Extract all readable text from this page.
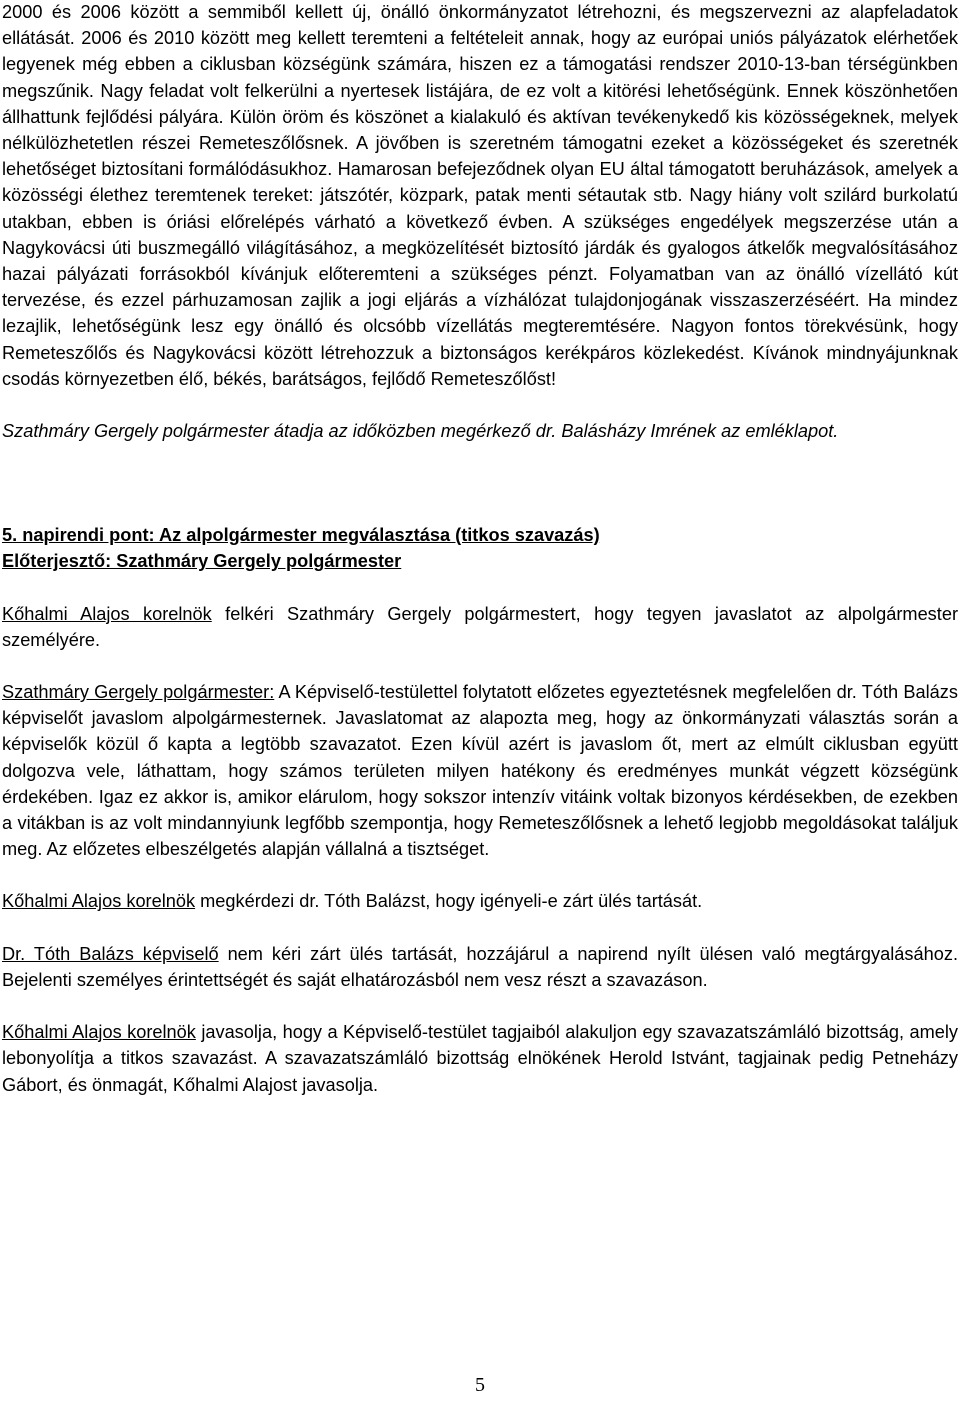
2000 és 2006 között a semmiből kellett új, önálló önkormányzatot létrehozni, és megszervezni az alapfeladatok ellátását. 2006 és 2010 között meg kellett teremteni a feltételeit annak, hogy az európai uniós pályázatok elérhetőek legyenek még ebben a ciklusban községünk számára, hiszen ez a támogatási rendszer 2010-13-ban térségünkben megszűnik. Nagy feladat volt felkerülni a nyertesek listájára, de ez volt a kitörési lehetőségünk. Ennek köszönhetően állhattunk fejlődési pályára. Külön öröm és köszönet a kialakuló és aktívan tevékenykedő kis közösségeknek, melyek nélkülözhetetlen részei Remeteszőlősnek. A jövőben is szeretném támogatni ezeket a közösségeket és szeretnék lehetőséget biztosítani formálódásukhoz. Hamarosan befejeződnek olyan EU által támogatott beruházások, amelyek a közösségi élethez teremtenek tereket: játszótér, közpark, patak menti sétautak stb. Nagy hiány volt szilárd burkolatú utakban, ebben is óriási előrelépés várható a következő évben. A szükséges engedélyek megszerzése után a Nagykovácsi úti buszmegálló világításához, a megközelítését biztosító járdák és gyalogos átkelők megvalósításához hazai pályázati forrásokból kívánjuk előteremteni a szükséges pénzt. Folyamatban van az önálló vízellátó kút tervezése, és ezzel párhuzamosan zajlik a jogi eljárás a vízhálózat tulajdonjogának visszaszerzéséért. Ha mindez lezajlik, lehetőségünk lesz egy önálló és olcsóbb vízellátás megteremtésére. Nagyon fontos törekvésünk, hogy Remeteszőlős és Nagykovácsi között létrehozzuk a biztonságos kerékpáros közlekedést. Kívánok mindnyájunknak csodás környezetben élő, békés, barátságos, fejlődő Remeteszőlőst!

Szathmáry Gergely polgármester átadja az időközben megérkező dr. Balásházy Imrének az emléklapot.

5. napirendi pont: Az alpolgármester megválasztása (titkos szavazás)

Előterjesztő: Szathmáry Gergely polgármester

Kőhalmi Alajos korelnök felkéri Szathmáry Gergely polgármestert, hogy tegyen javaslatot az alpolgármester személyére.

Szathmáry Gergely polgármester: A Képviselő-testülettel folytatott előzetes egyeztetésnek megfelelően dr. Tóth Balázs képviselőt javaslom alpolgármesternek. Javaslatomat az alapozta meg, hogy az önkormányzati választás során a képviselők közül ő kapta a legtöbb szavazatot. Ezen kívül azért is javaslom őt, mert az elmúlt ciklusban együtt dolgozva vele, láthattam, hogy számos területen milyen hatékony és eredményes munkát végzett községünk érdekében. Igaz ez akkor is, amikor elárulom, hogy sokszor intenzív vitáink voltak bizonyos kérdésekben, de ezekben a vitákban is az volt mindannyiunk legfőbb szempontja, hogy Remeteszőlősnek a lehető legjobb megoldásokat találjuk meg. Az előzetes elbeszélgetés alapján vállalná a tisztséget.

Kőhalmi Alajos korelnök megkérdezi dr. Tóth Balázst, hogy igényeli-e zárt ülés tartását.

Dr. Tóth Balázs képviselő nem kéri zárt ülés tartását, hozzájárul a napirend nyílt ülésen való megtárgyalásához. Bejelenti személyes érintettségét és saját elhatározásból nem vesz részt a szavazáson.

Kőhalmi Alajos korelnök javasolja, hogy a Képviselő-testület tagjaiból alakuljon egy szavazatszámláló bizottság, amely lebonyolítja a titkos szavazást. A szavazatszámláló bizottság elnökének Herold Istvánt, tagjainak pedig Petneházy Gábort, és önmagát, Kőhalmi Alajost javasolja.

5
